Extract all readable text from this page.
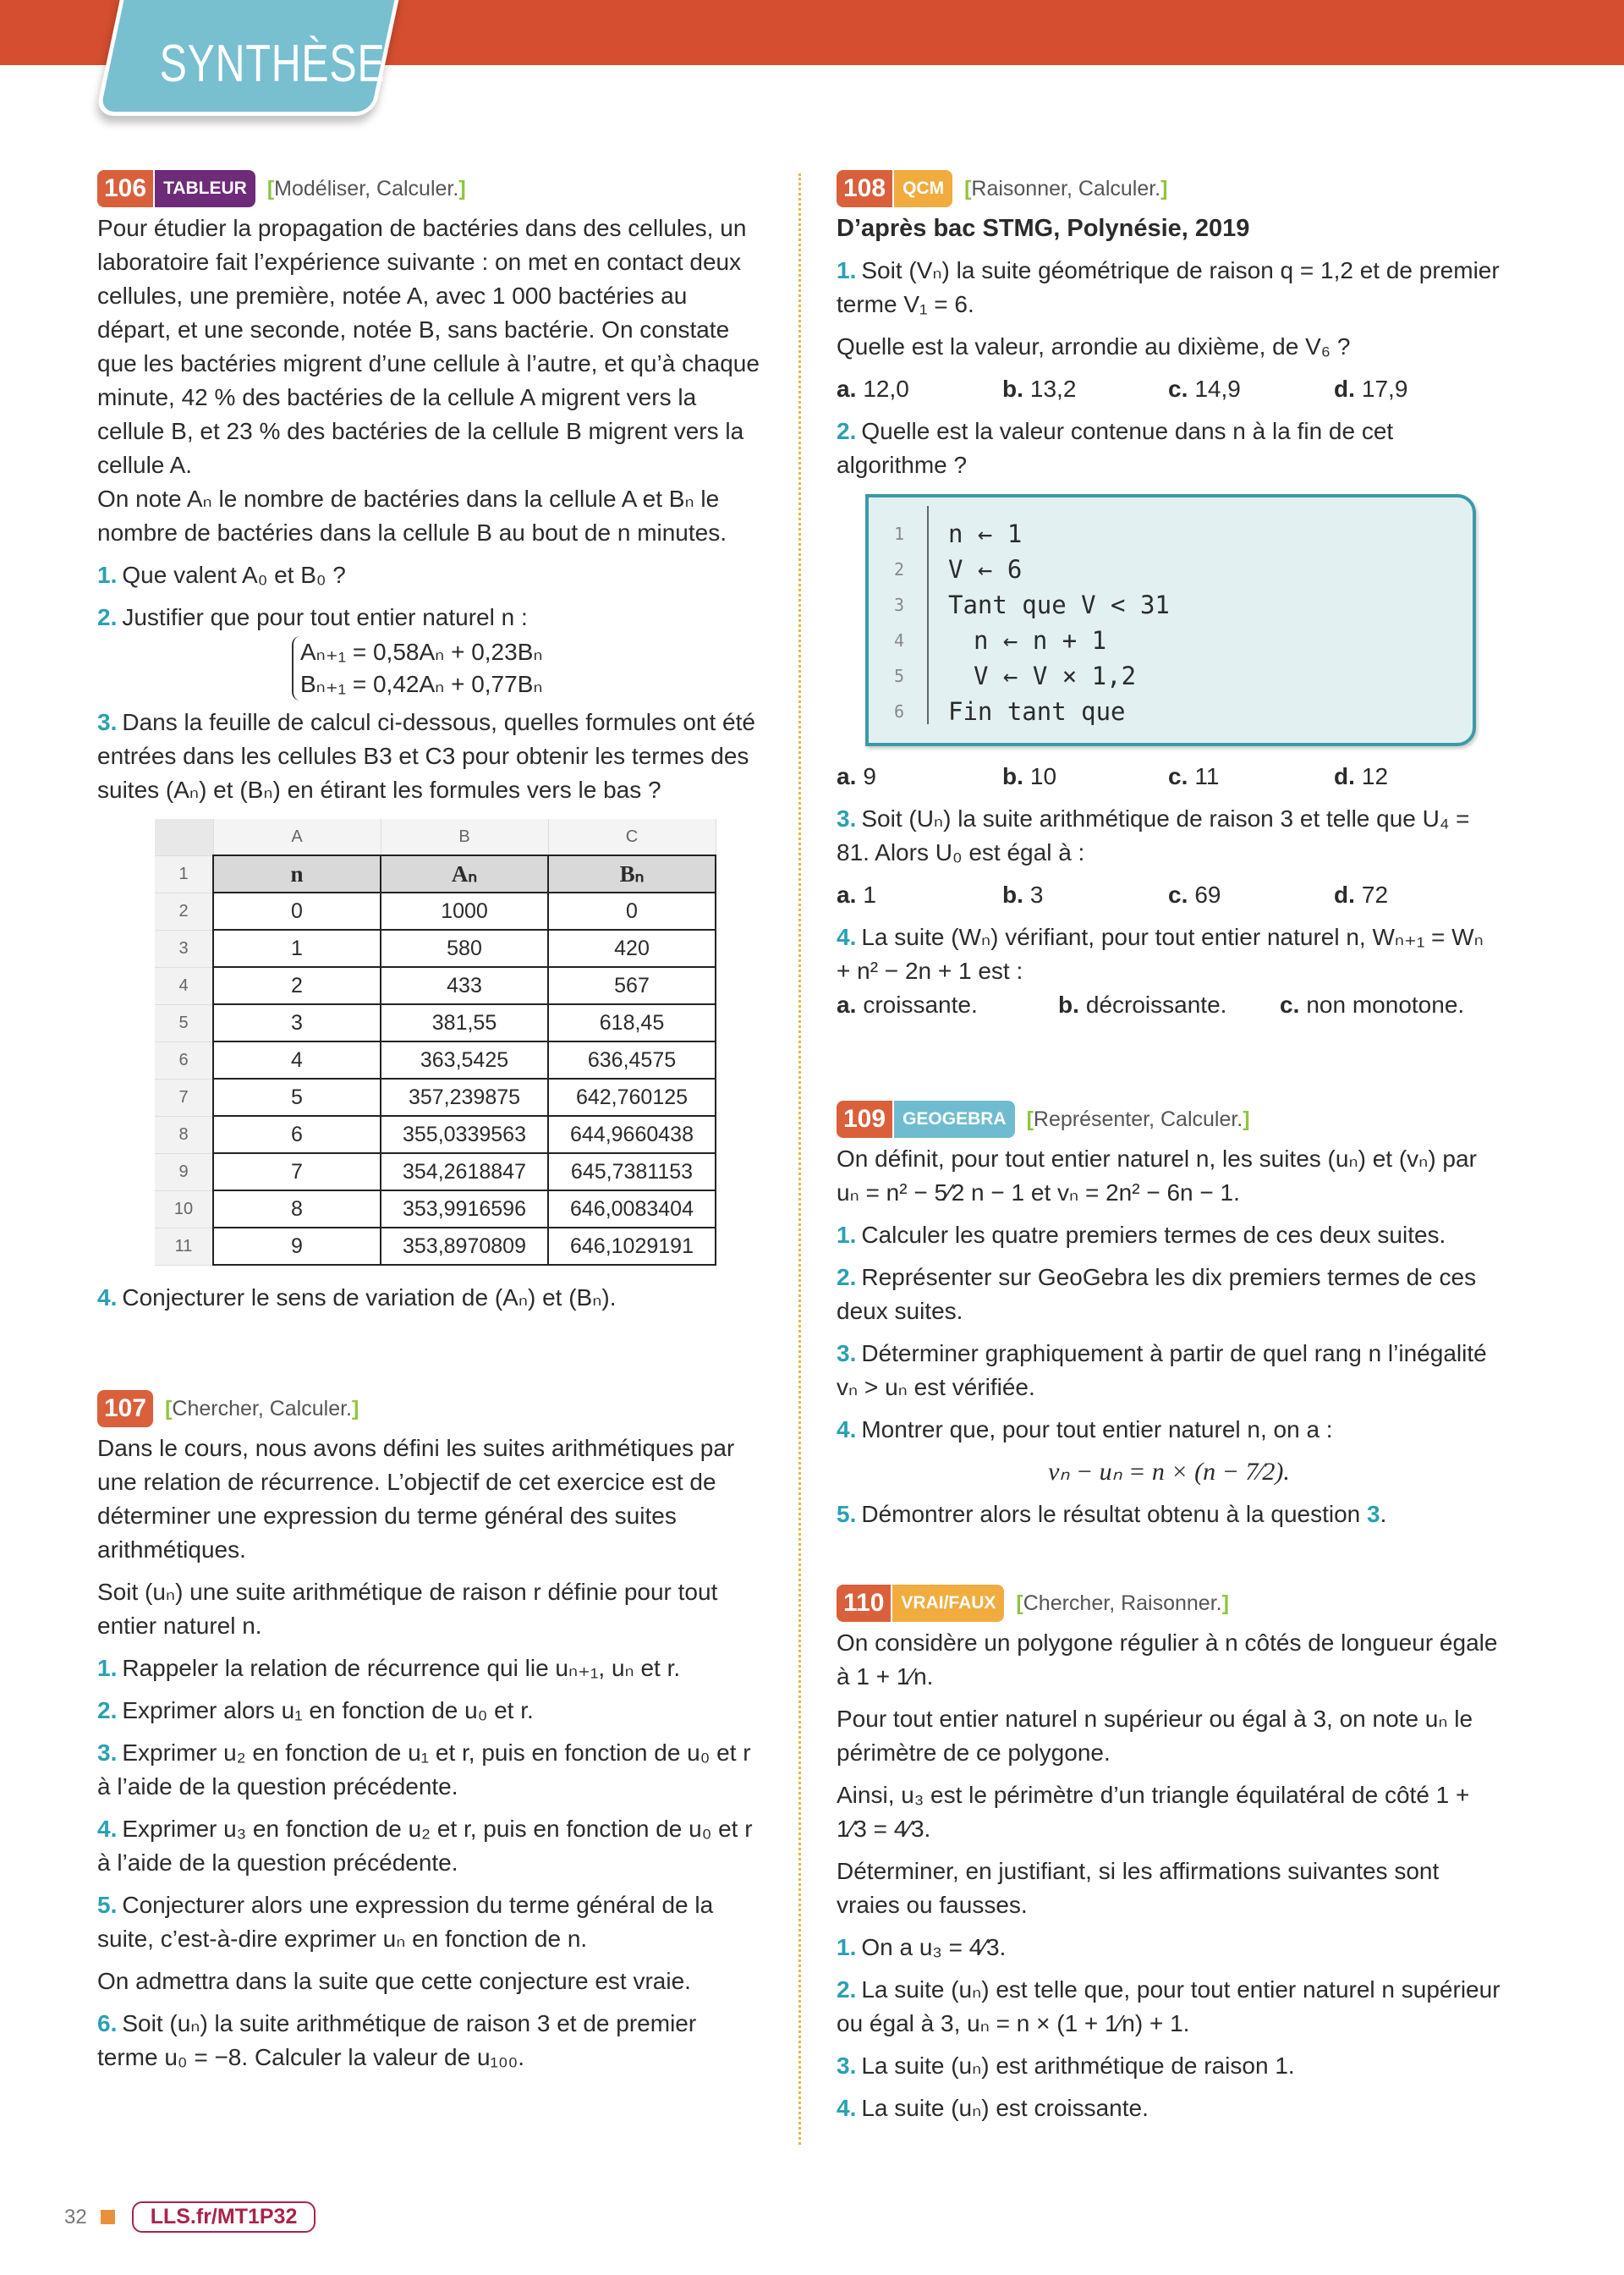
SYNTHÈSE
106 TABLEUR [Modéliser, Calculer.]

Pour étudier la propagation de bactéries dans des cellules, un laboratoire fait l’expérience suivante : on met en contact deux cellules, une première, notée A, avec 1 000 bactéries au départ, et une seconde, notée B, sans bactérie. On constate que les bactéries migrent d’une cellule à l’autre, et qu’à chaque minute, 42 % des bactéries de la cellule A migrent vers la cellule B, et 23 % des bactéries de la cellule B migrent vers la cellule A.

On note Aₙ le nombre de bactéries dans la cellule A et Bₙ le nombre de bactéries dans la cellule B au bout de n minutes.

1. Que valent A₀ et B₀ ?
2. Justifier que pour tout entier naturel n :
Aₙ₊₁ = 0,58Aₙ + 0,23Bₙ
Bₙ₊₁ = 0,42Aₙ + 0,77Bₙ
3. Dans la feuille de calcul ci-dessous, quelles formules ont été entrées dans les cellules B3 et C3 pour obtenir les termes des suites (Aₙ) et (Bₙ) en étirant les formules vers le bas ?
	A	B	C
1	n	Aₙ	Bₙ
2	0	1000	0
3	1	580	420
4	2	433	567
5	3	381,55	618,45
6	4	363,5425	636,4575
7	5	357,239875	642,760125
8	6	355,0339563	644,9660438
9	7	354,2618847	645,7381153
10	8	353,9916596	646,0083404
11	9	353,8970809	646,1029191
4. Conjecturer le sens de variation de (Aₙ) et (Bₙ).
107 [Chercher, Calculer.]

Dans le cours, nous avons défini les suites arithmétiques par une relation de récurrence. L’objectif de cet exercice est de déterminer une expression du terme général des suites arithmétiques.

Soit (uₙ) une suite arithmétique de raison r définie pour tout entier naturel n.

1. Rappeler la relation de récurrence qui lie uₙ₊₁, uₙ et r.
2. Exprimer alors u₁ en fonction de u₀ et r.
3. Exprimer u₂ en fonction de u₁ et r, puis en fonction de u₀ et r à l’aide de la question précédente.
4. Exprimer u₃ en fonction de u₂ et r, puis en fonction de u₀ et r à l’aide de la question précédente.
5. Conjecturer alors une expression du terme général de la suite, c’est-à-dire exprimer uₙ en fonction de n.

On admettra dans la suite que cette conjecture est vraie.

6. Soit (uₙ) la suite arithmétique de raison 3 et de premier terme u₀ = −8. Calculer la valeur de u₁₀₀.
108 QCM [Raisonner, Calculer.]
D’après bac STMG, Polynésie, 2019
1. Soit (Vₙ) la suite géométrique de raison q = 1,2 et de premier terme V₁ = 6.

Quelle est la valeur, arrondie au dixième, de V₆ ?

a. 12,0	b. 13,2	c. 14,9	d. 17,9
2. Quelle est la valeur contenue dans n à la fin de cet algorithme ?
1	n ← 1
2	V ← 6
3	Tant que V < 31
4	n ← n + 1
5	V ← V × 1,2
6	Fin tant que
a. 9	b. 10	c. 11	d. 12
3. Soit (Uₙ) la suite arithmétique de raison 3 et telle que U₄ = 81. Alors U₀ est égal à :
a. 1	b. 3	c. 69	d. 72
4. La suite (Wₙ) vérifiant, pour tout entier naturel n, Wₙ₊₁ = Wₙ + n² − 2n + 1 est :
a. croissante.	b. décroissante.	c. non monotone.
109 GEOGEBRA [Représenter, Calculer.]

On définit, pour tout entier naturel n, les suites (uₙ) et (vₙ) par uₙ = n² − 5⁄2 n − 1 et vₙ = 2n² − 6n − 1.

1. Calculer les quatre premiers termes de ces deux suites.
2. Représenter sur GeoGebra les dix premiers termes de ces deux suites.
3. Déterminer graphiquement à partir de quel rang n l’inégalité vₙ > uₙ est vérifiée.
4. Montrer que, pour tout entier naturel n, on a :
vₙ − uₙ = n × (n − 7⁄2).
5. Démontrer alors le résultat obtenu à la question 3.
110 VRAI/FAUX [Chercher, Raisonner.]

On considère un polygone régulier à n côtés de longueur égale à 1 + 1⁄n.

Pour tout entier naturel n supérieur ou égal à 3, on note uₙ le périmètre de ce polygone.

Ainsi, u₃ est le périmètre d’un triangle équilatéral de côté 1 + 1⁄3 = 4⁄3.

Déterminer, en justifiant, si les affirmations suivantes sont vraies ou fausses.

1. On a u₃ = 4⁄3.
2. La suite (uₙ) est telle que, pour tout entier naturel n supérieur ou égal à 3, uₙ = n × (1 + 1⁄n) + 1.
3. La suite (uₙ) est arithmétique de raison 1.
4. La suite (uₙ) est croissante.
32	LLS.fr/MT1P32
